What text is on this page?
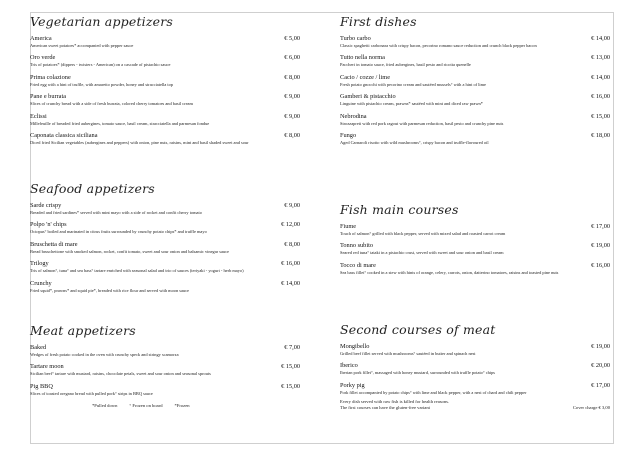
Vegetarian appetizers
America	€ 5,00
American sweet potatoes* accompanied with pepper sauce
Oro verde	€ 6,00
Tris of potatoes* (dippers - twisters - American) on a cascade of pistachio sauce
Prima colazione	€ 8,00
Fried egg with a hint of truffle, with amaretto powder, honey and stracciatella top
Pane e burrata	€ 9,00
Slices of crunchy bread with a side of fresh burrata, colored cherry tomatoes and basil cream
Eclissi	€ 9,00
Millefeuille of breaded fried aubergines, tomato sauce, basil cream, stracciatella and parmesan fondue
Caponata classica siciliana	€ 8,00
Diced fried Sicilian vegetables (aubergines and peppers) with onion, pine nuts, raisins, mint and basil shaded sweet and sour
Seafood appetizers
Sarde crispy	€ 9,00
Breaded and fried sardines* served with mint mayo with a side of rocket and confit cherry tomato
Polpo 'n' chips	€ 12,00
Octopus° boiled and marinated in citrus fruits surrounded by crunchy potato chips* and truffle mayo
Bruschetta di mare	€ 8,00
Bread bruschettone with smoked salmon, rocket, confit tomato, sweet and sour onion and balsamic vinegar sauce
Trilogy	€ 16,00
Tris of salmon°, tuna° and sea bass° tartare enriched with seasonal salad and trio of sauces (teriyaki - yogurt - herb mayo)
Crunchy	€ 14,00
Fried squid*, prawns* and squid pie*, breaded with rice flour and served with moon sauce
Meat appetizers
Baked	€ 7,00
Wedges of fresh potato cooked in the oven with crunchy speck and stringy scamorza
Tartare moon	€ 15,00
Sicilian beef° tartare with mustard, raisins, chocolate petals, sweet and sour onion and seasonal sprouts
Pig BBQ	€ 15,00
Slices of toasted oregano bread with pulled pork° strips in BBQ sauce
*Pulled down	° Frozen on board	*Frozen
First dishes
Turbo carbo	€ 14,00
Classic spaghetti carbonara with crispy bacon, pecorino romano sauce reduction and crunch black pepper bacon
Tutto nella norma	€ 13,00
Paccheri in tomato sauce, fried aubergines, basil pesto and ricotta quenelle
Cacio / cozze / lime	€ 14,00
Fresh potato gnocchi with pecorino cream and sautéed mussels° with a hint of lime
Gamberi & pistacchio	€ 16,00
Linguine with pistachio cream, prawns* sautéed with mint and diced raw prawn*
Nebrodina	€ 15,00
Strozzapreti with red pork ragout with parmesan reduction, basil pesto and crunchy pine nuts
Fungo	€ 18,00
Aged Carnaroli risotto with wild mushrooms°, crispy bacon and truffle-flavoured oil
Fish main courses
Fiume	€ 17,00
Touch of salmon° grilled with black pepper, served with mixed salad and roasted carrot cream
Tonno subito	€ 19,00
Seared red tuna° tataki in a pistachio crust, served with sweet and sour onion and basil cream
Tocco di mare	€ 16,00
Sea bass fillet° cooked in a stew with hints of orange, celery, carrots, onion, datterino tomatoes, raisins and toasted pine nuts
Second courses of meat
Mongibello	€ 19,00
Grilled beef fillet served with mushrooms° sautéed in butter and spinach nest
Iberico	€ 20,00
Iberian pork fillet°, massaged with honey mustard, surrounded with truffle potato° chips
Porky pig	€ 17,00
Pork fillet accompanied by potato chips° with lime and black pepper, with a nest of chard and chili pepper
Every dish served with raw fish is killed for health reasons.
The first courses can have the gluten-free variant	Cover charge € 3,00
